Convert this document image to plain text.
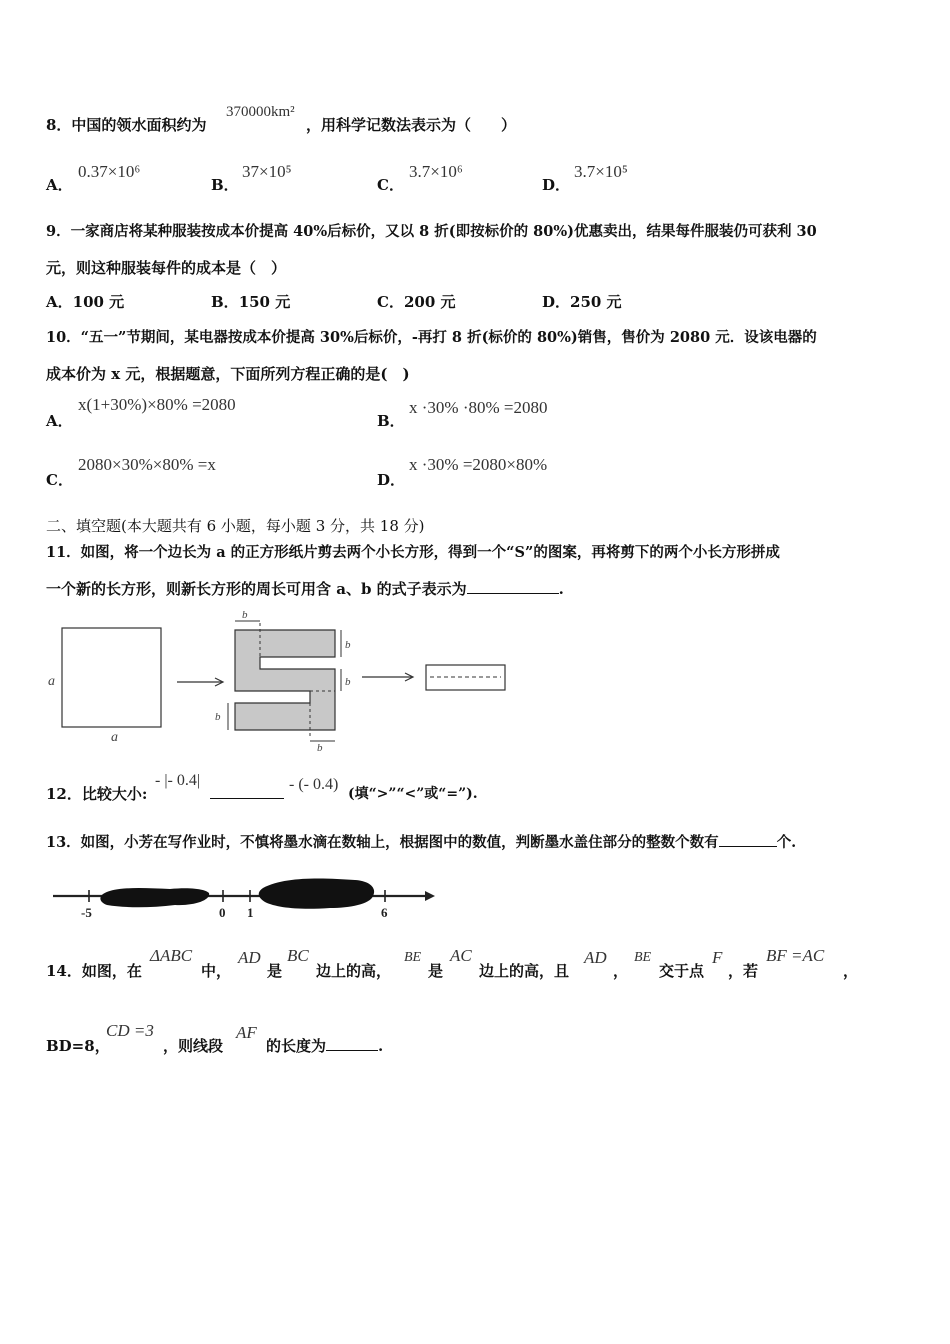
8．中国的领水面积约为
370000km²
，用科学记数法表示为（　　）
A．
0.37×10⁶
B．
37×10⁵
C．
3.7×10⁶
D．
3.7×10⁵
9．一家商店将某种服装按成本价提高 40%后标价，又以 8 折(即按标价的 80%)优惠卖出，结果每件服装仍可获利 30
元，则这种服装每件的成本是（　）
A．100 元	B．150 元	C．200 元	D．250 元
10．“五一”节期间，某电器按成本价提高 30%后标价，-再打 8 折(标价的 80%)销售，售价为 2080 元．设该电器的
成本价为 x 元，根据题意，下面所列方程正确的是(　)
A．
x(1+30%)×80% =2080
B．
x ·30% ·80% =2080
C．
2080×30%×80% =x
D．
x ·30% =2080×80%
二、填空题(本大题共有 6 小题，每小题 3 分，共 18 分)
11．如图，将一个边长为 a 的正方形纸片剪去两个小长方形，得到一个“S”的图案，再将剪下的两个小长方形拼成
一个新的长方形，则新长方形的周长可用含 a、b 的式子表示为	.
a
a
b
b
b
b
b
12．比较大小:
- |- 0.4|	- (- 0.4)
(填“>”“<”或“=”).
13．如图，小芳在写作业时，不慎将墨水滴在数轴上，根据图中的数值，判断墨水盖住部分的整数个数有	个.
-5	0 1	6
14．如图，在
ΔABC
中，
AD
是
BC
边上的高，
BE
是
AC
边上的高，且
AD
，
BE
交于点
F
，若
BF =AC
，
BD=8，
CD =3
，则线段
AF
的长度为	.
